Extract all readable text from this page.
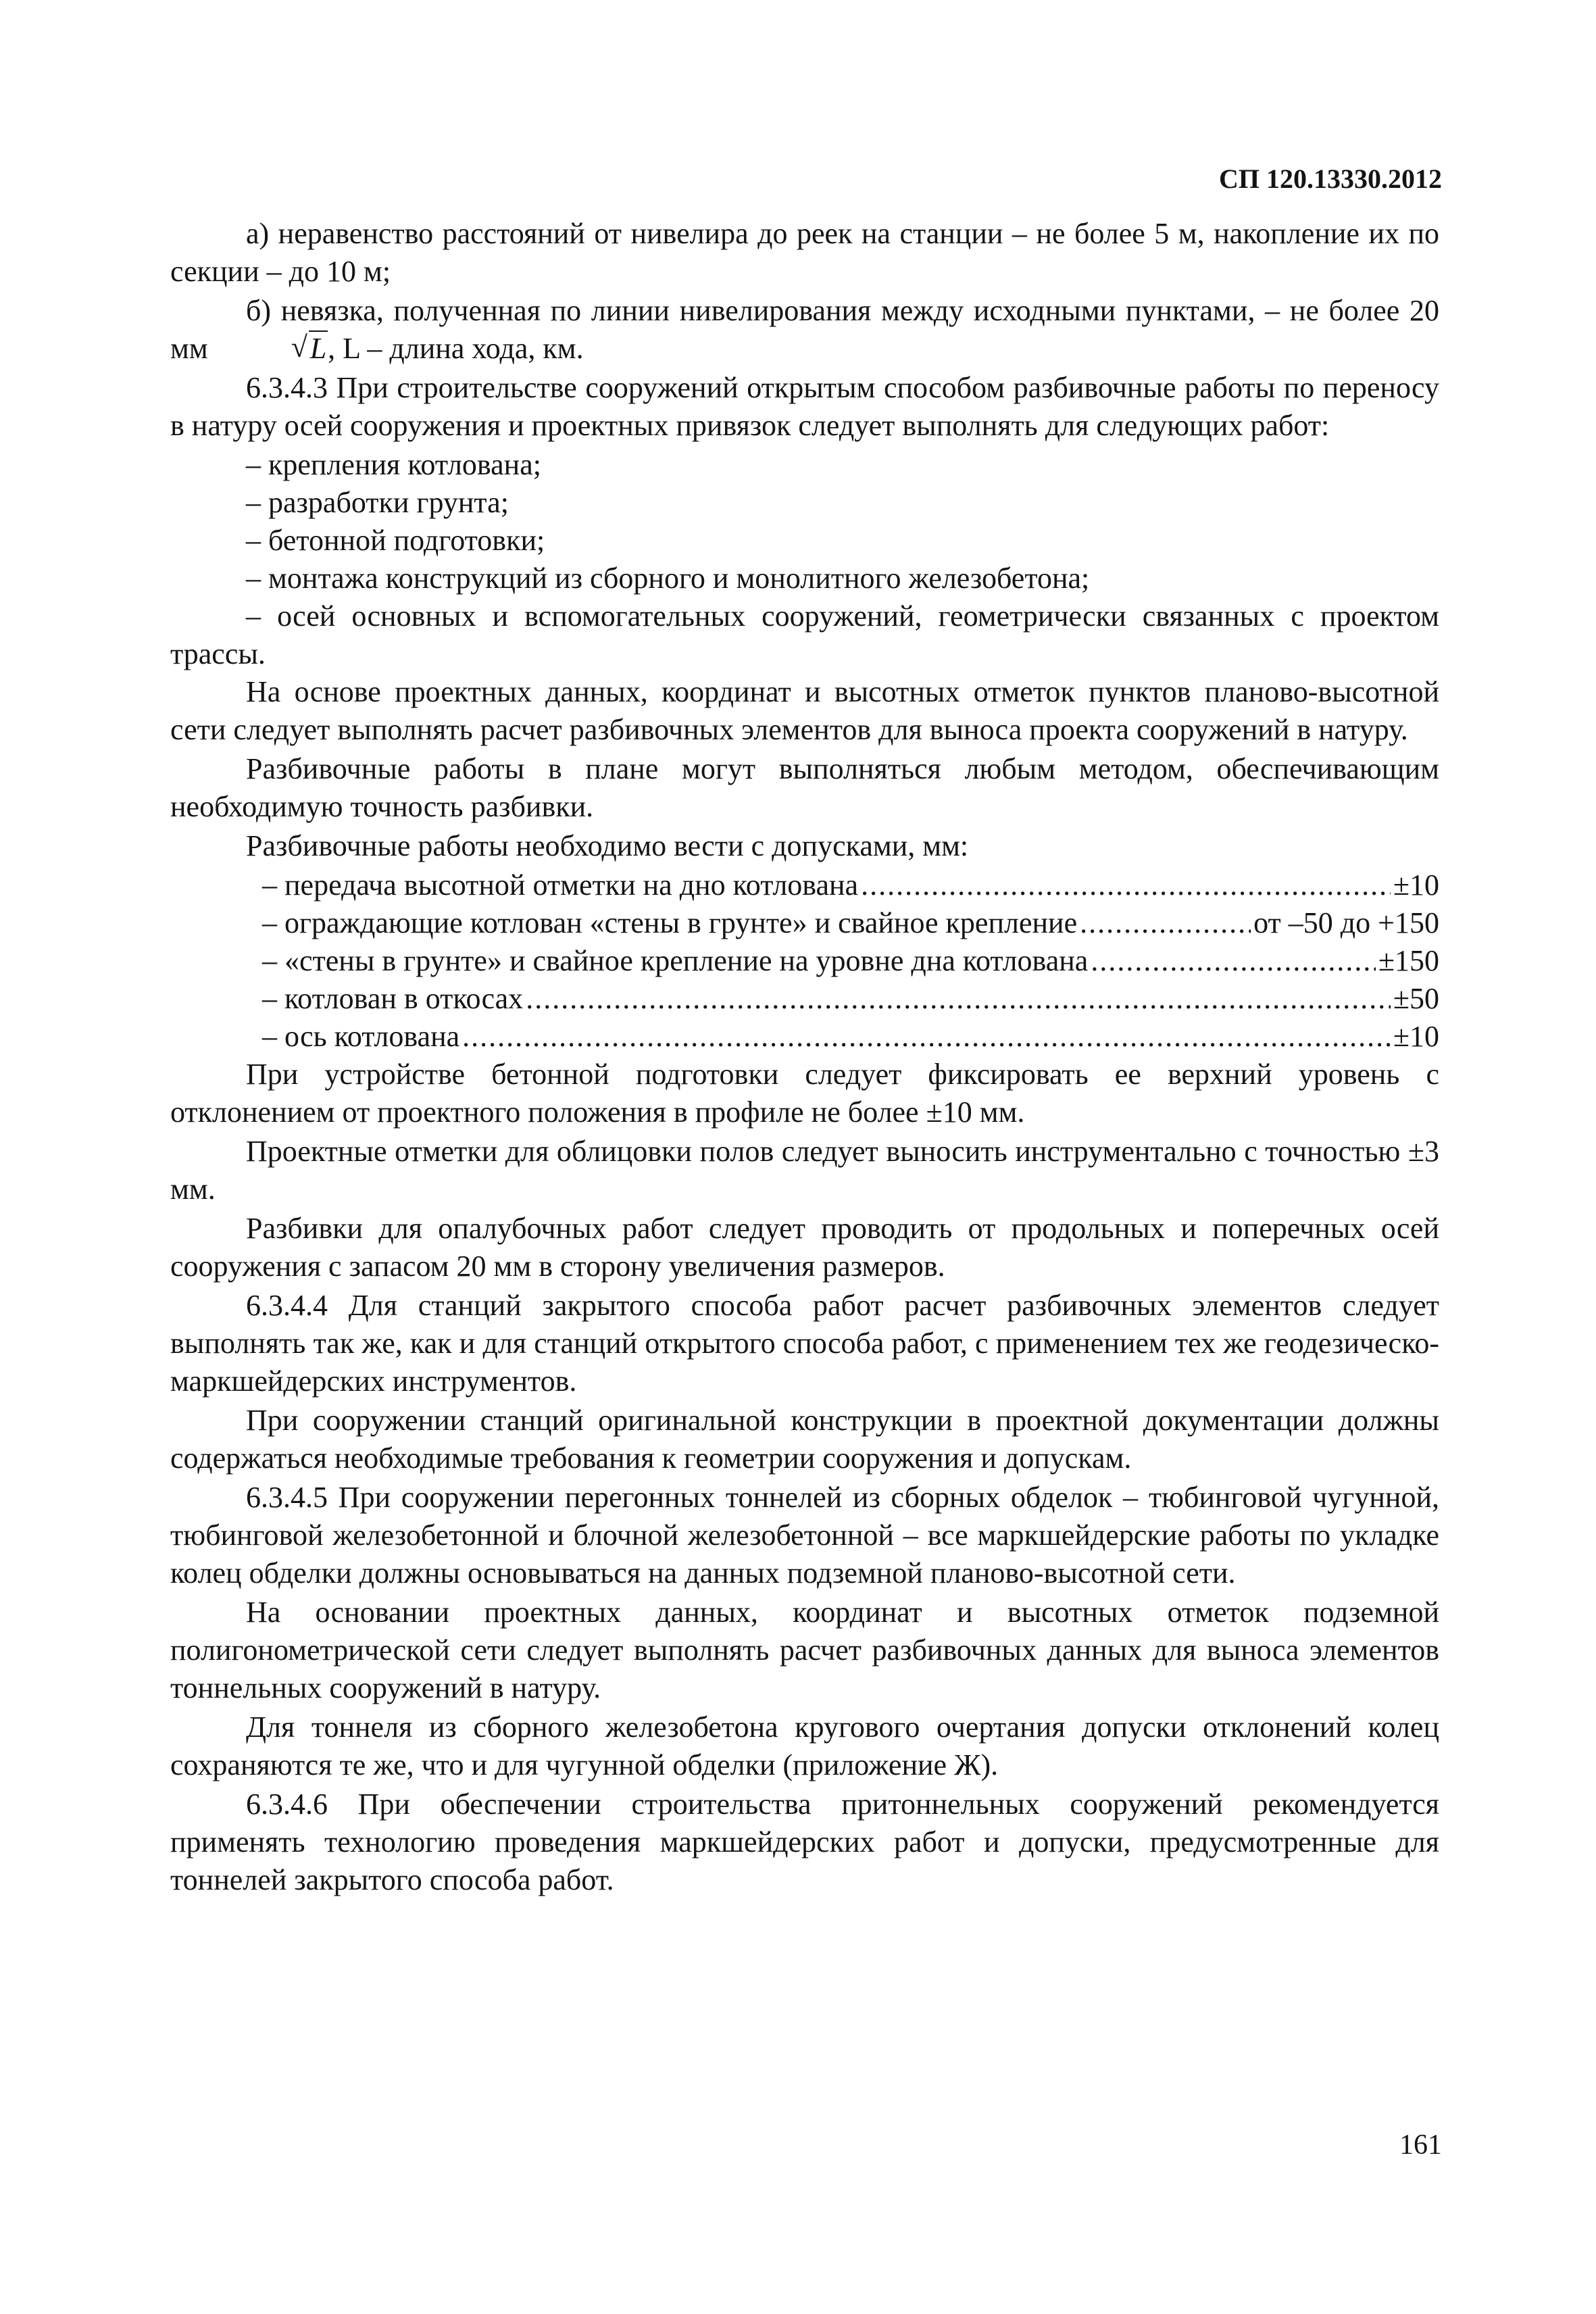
СП 120.13330.2012

а) неравенство расстояний от нивелира до реек на станции – не более 5 м, накопление их по секции – до 10 м;

б) невязка, полученная по линии нивелирования между исходными пунктами, – не более 20 мм	√ L, L – длина хода, км.

6.3.4.3 При строительстве сооружений открытым способом разбивочные работы по переносу в натуру осей сооружения и проектных привязок следует выполнять для следующих работ:

– крепления котлована;

– разработки грунта;

– бетонной подготовки;

– монтажа конструкций из сборного и монолитного железобетона;

– осей основных и вспомогательных сооружений, геометрически связанных с проектом трассы.

На основе проектных данных, координат и высотных отметок пунктов планово-высотной сети следует выполнять расчет разбивочных элементов для выноса проекта сооружений в натуру.

Разбивочные работы в плане могут выполняться любым методом, обеспечивающим необходимую точность разбивки.

Разбивочные работы необходимо вести с допусками, мм:

– передача высотной отметки на дно котлована .....	±10
– ограждающие котлован «стены в грунте» и свайное крепление .....	от –50 до +150
– «стены в грунте» и свайное крепление на уровне дна котлована .....	±150
– котлован в откосах .....	±50
– ось котлована .....	±10

При устройстве бетонной подготовки следует фиксировать ее верхний уровень с отклонением от проектного положения в профиле не более ±10 мм.

Проектные отметки для облицовки полов следует выносить инструментально с точностью ±3 мм.

Разбивки для опалубочных работ следует проводить от продольных и поперечных осей сооружения с запасом 20 мм в сторону увеличения размеров.

6.3.4.4 Для станций закрытого способа работ расчет разбивочных элементов следует выполнять так же, как и для станций открытого способа работ, с применением тех же геодезическо-маркшейдерских инструментов.

При сооружении станций оригинальной конструкции в проектной документации должны содержаться необходимые требования к геометрии сооружения и допускам.

6.3.4.5 При сооружении перегонных тоннелей из сборных обделок – тюбинговой чугунной, тюбинговой железобетонной и блочной железобетонной – все маркшейдерские работы по укладке колец обделки должны основываться на данных подземной планово-высотной сети.

На основании проектных данных, координат и высотных отметок подземной полигонометрической сети следует выполнять расчет разбивочных данных для выноса элементов тоннельных сооружений в натуру.

Для тоннеля из сборного железобетона кругового очертания допуски отклонений колец сохраняются те же, что и для чугунной обделки (приложение Ж).

6.3.4.6 При обеспечении строительства притоннельных сооружений рекомендуется применять технологию проведения маркшейдерских работ и допуски, предусмотренные для тоннелей закрытого способа работ.

161
